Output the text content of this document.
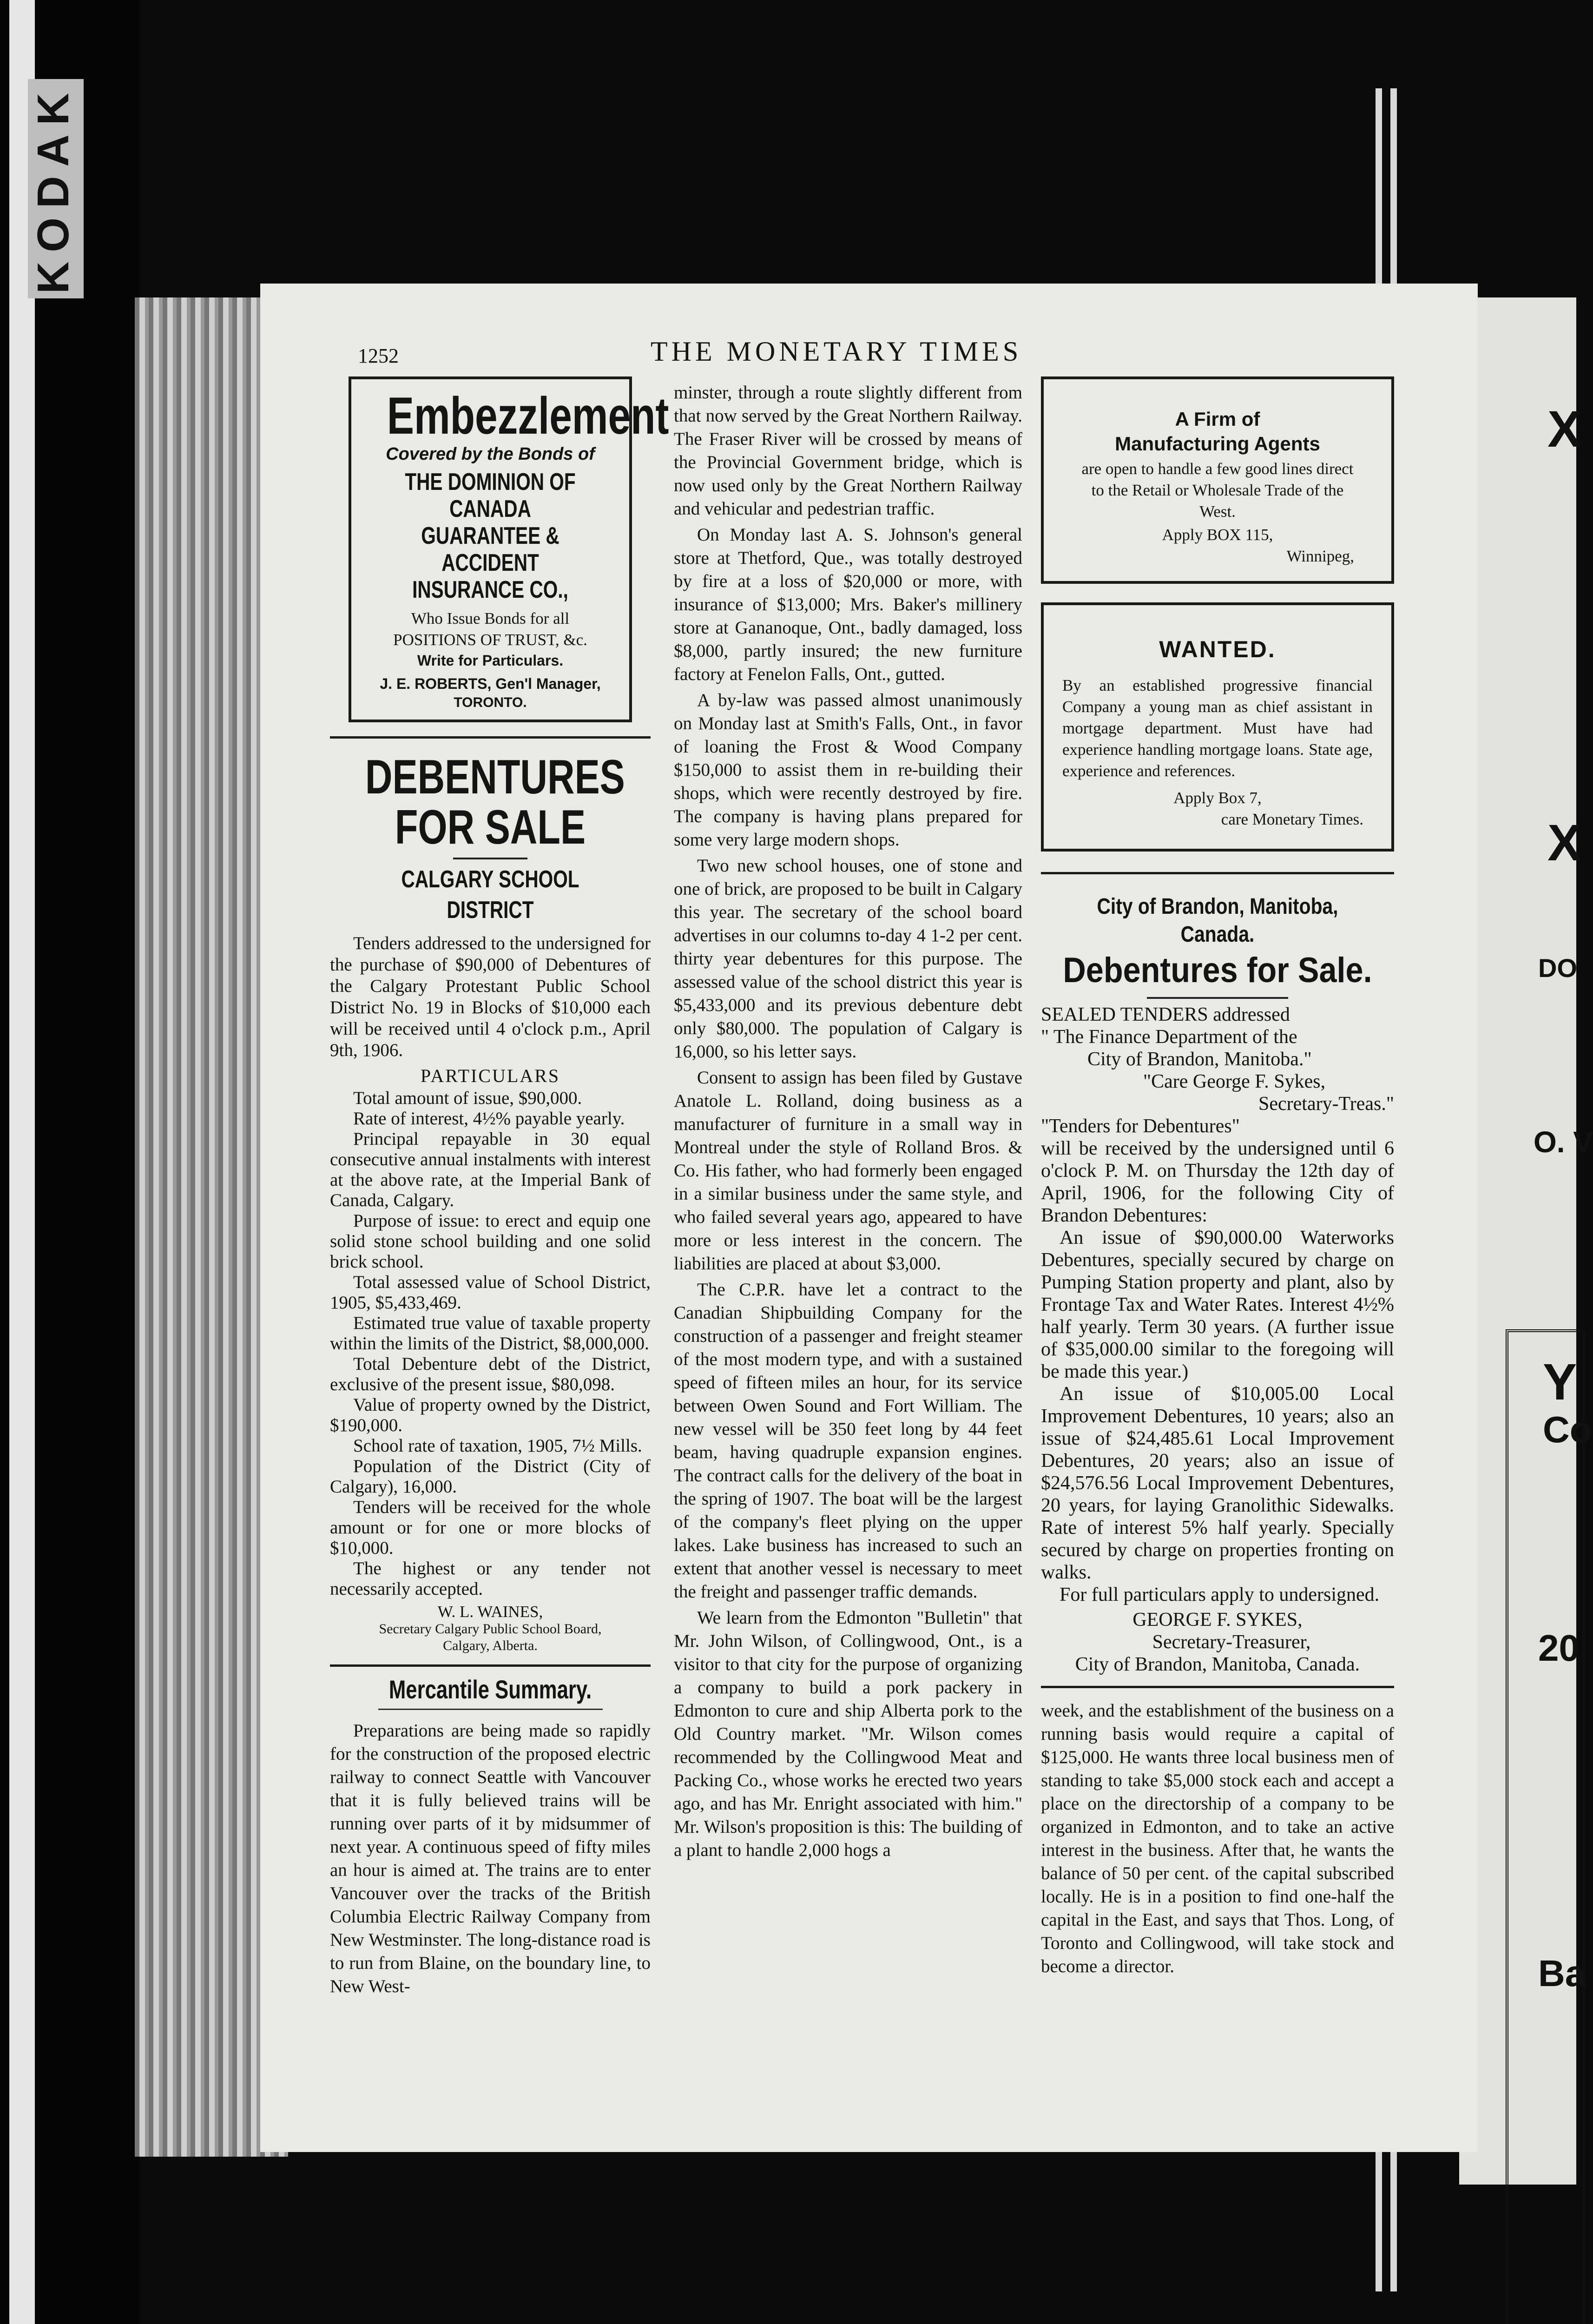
KODAK
X
X
DO
O. V
Y
Co
20
Ba
1252	THE MONETARY TIMES
Embezzlement
Covered by the Bonds of
THE DOMINION OF CANADA
GUARANTEE & ACCIDENT
INSURANCE CO.,
Who Issue Bonds for all
POSITIONS OF TRUST, &c.
Write for Particulars.
J. E. ROBERTS, Gen'l Manager,
TORONTO.
DEBENTURES
FOR SALE
CALGARY SCHOOL DISTRICT
Tenders addressed to the undersigned for the purchase of $90,000 of Debentures of the Calgary Protestant Public School District No. 19 in Blocks of $10,000 each will be received until 4 o'clock p.m., April 9th, 1906.
PARTICULARS

Total amount of issue, $90,000.

Rate of interest, 4½% payable yearly.

Principal repayable in 30 equal consecutive annual instalments with interest at the above rate, at the Imperial Bank of Canada, Calgary.

Purpose of issue: to erect and equip one solid stone school building and one solid brick school.

Total assessed value of School District, 1905, $5,433,469.

Estimated true value of taxable property within the limits of the District, $8,000,000.

Total Debenture debt of the District, exclusive of the present issue, $80,098.

Value of property owned by the District, $190,000.

School rate of taxation, 1905, 7½ Mills.

Population of the District (City of Calgary), 16,000.

Tenders will be received for the whole amount or for one or more blocks of $10,000.

The highest or any tender not necessarily accepted.

W. L. WAINES,
Secretary Calgary Public School Board,
Calgary, Alberta.
Mercantile Summary.
Preparations are being made so rapidly for the construction of the proposed electric railway to connect Seattle with Vancouver that it is fully believed trains will be running over parts of it by midsummer of next year. A continuous speed of fifty miles an hour is aimed at. The trains are to enter Vancouver over the tracks of the British Columbia Electric Railway Company from New Westminster. The long-distance road is to run from Blaine, on the boundary line, to New West-

minster, through a route slightly different from that now served by the Great Northern Railway. The Fraser River will be crossed by means of the Provincial Government bridge, which is now used only by the Great Northern Railway and vehicular and pedestrian traffic.

On Monday last A. S. Johnson's general store at Thetford, Que., was totally destroyed by fire at a loss of $20,000 or more, with insurance of $13,000; Mrs. Baker's millinery store at Gananoque, Ont., badly damaged, loss $8,000, partly insured; the new furniture factory at Fenelon Falls, Ont., gutted.

A by-law was passed almost unanimously on Monday last at Smith's Falls, Ont., in favor of loaning the Frost & Wood Company $150,000 to assist them in re-building their shops, which were recently destroyed by fire. The company is having plans prepared for some very large modern shops.

Two new school houses, one of stone and one of brick, are proposed to be built in Calgary this year. The secretary of the school board advertises in our columns to-day 4 1-2 per cent. thirty year debentures for this purpose. The assessed value of the school district this year is $5,433,000 and its previous debenture debt only $80,000. The population of Calgary is 16,000, so his letter says.

Consent to assign has been filed by Gustave Anatole L. Rolland, doing business as a manufacturer of furniture in a small way in Montreal under the style of Rolland Bros. & Co. His father, who had formerly been engaged in a similar business under the same style, and who failed several years ago, appeared to have more or less interest in the concern. The liabilities are placed at about $3,000.

The C.P.R. have let a contract to the Canadian Shipbuilding Company for the construction of a passenger and freight steamer of the most modern type, and with a sustained speed of fifteen miles an hour, for its service between Owen Sound and Fort William. The new vessel will be 350 feet long by 44 feet beam, having quadruple expansion engines. The contract calls for the delivery of the boat in the spring of 1907. The boat will be the largest of the company's fleet plying on the upper lakes. Lake business has increased to such an extent that another vessel is necessary to meet the freight and passenger traffic demands.

We learn from the Edmonton "Bulletin" that Mr. John Wilson, of Collingwood, Ont., is a visitor to that city for the purpose of organizing a company to build a pork packery in Edmonton to cure and ship Alberta pork to the Old Country market. "Mr. Wilson comes recommended by the Collingwood Meat and Packing Co., whose works he erected two years ago, and has Mr. Enright associated with him." Mr. Wilson's proposition is this: The building of a plant to handle 2,000 hogs a

A Firm of
Manufacturing Agents
are open to handle a few good lines direct to the Retail or Wholesale Trade of the West.
Apply BOX 115,
Winnipeg,
WANTED.
By an established progressive financial Company a young man as chief assistant in mortgage department. Must have had experience handling mortgage loans. State age, experience and references.
Apply Box 7,
care Monetary Times.
City of Brandon, Manitoba, Canada.
Debentures for Sale.
SEALED TENDERS addressed
" The Finance Department of the
City of Brandon, Manitoba."
"Care George F. Sykes,
Secretary-Treas."
"Tenders for Debentures"

will be received by the undersigned until 6 o'clock P. M. on Thursday the 12th day of April, 1906, for the following City of Brandon Debentures:

An issue of $90,000.00 Waterworks Debentures, specially secured by charge on Pumping Station property and plant, also by Frontage Tax and Water Rates. Interest 4½% half yearly. Term 30 years. (A further issue of $35,000.00 similar to the foregoing will be made this year.)

An issue of $10,005.00 Local Improvement Debentures, 10 years; also an issue of $24,485.61 Local Improvement Debentures, 20 years; also an issue of $24,576.56 Local Improvement Debentures, 20 years, for laying Granolithic Sidewalks. Rate of interest 5% half yearly. Specially secured by charge on properties fronting on walks.

For full particulars apply to undersigned.

GEORGE F. SYKES,
Secretary-Treasurer,
City of Brandon, Manitoba, Canada.
week, and the establishment of the business on a running basis would require a capital of $125,000. He wants three local business men of standing to take $5,000 stock each and accept a place on the directorship of a company to be organized in Edmonton, and to take an active interest in the business. After that, he wants the balance of 50 per cent. of the capital subscribed locally. He is in a position to find one-half the capital in the East, and says that Thos. Long, of Toronto and Collingwood, will take stock and become a director.
